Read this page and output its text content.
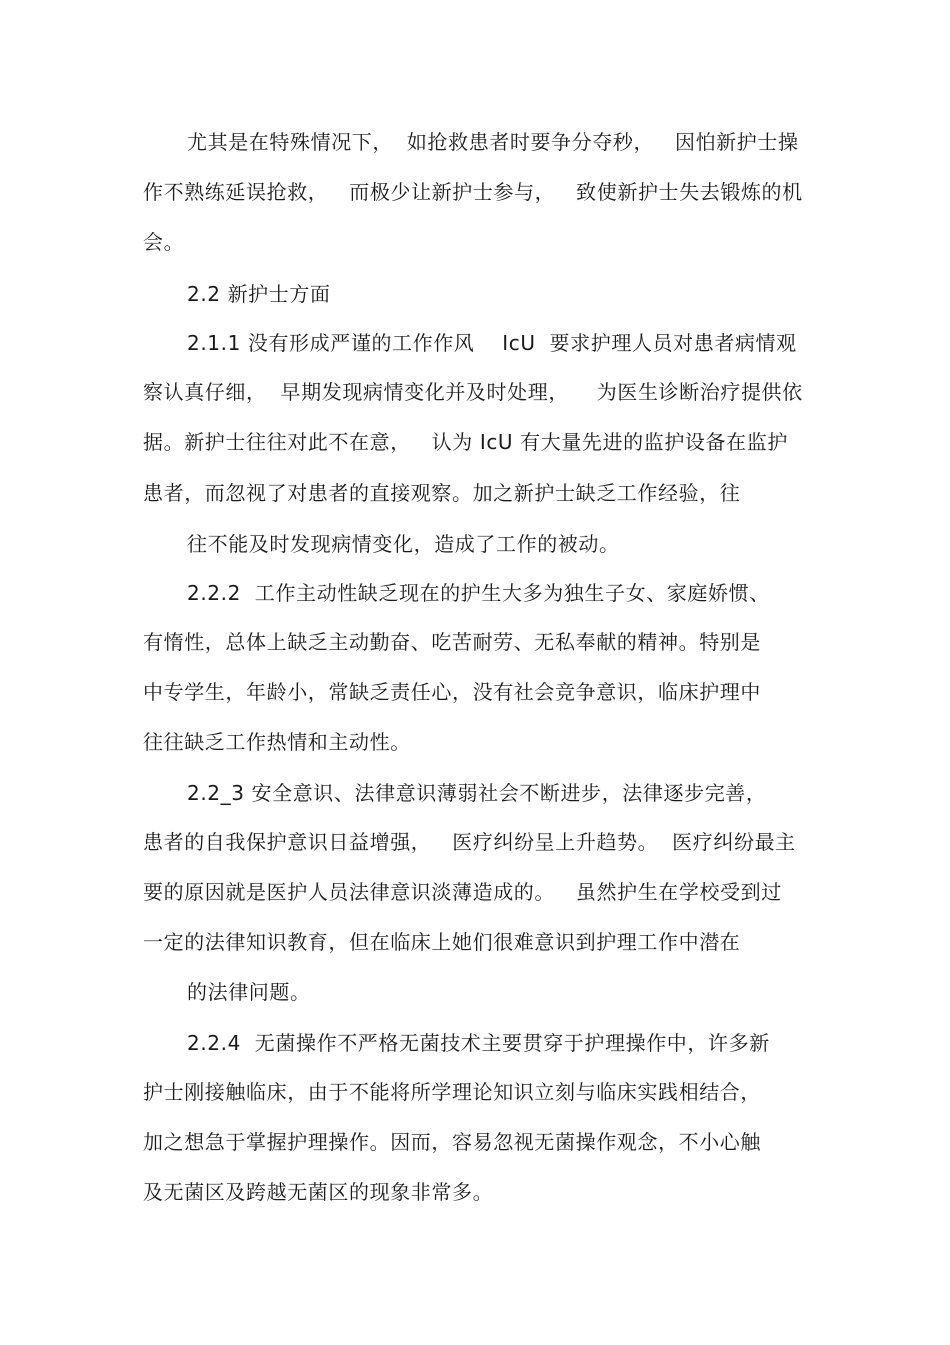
尤其是在特殊情况下，  如抢救患者时要争分夺秒，   因怕新护士操
作不熟练延误抢救，   而极少让新护士参与，   致使新护士失去锻炼的机
会。
2.2 新护士方面
2.1.1 没有形成严谨的工作作风    IcU  要求护理人员对患者病情观
察认真仔细，  早期发现病情变化并及时处理，    为医生诊断治疗提供依
据。新护士往往对此不在意，   认为 IcU 有大量先进的监护设备在监护
患者，而忽视了对患者的直接观察。加之新护士缺乏工作经验，往
往不能及时发现病情变化，造成了工作的被动。
2.2.2  工作主动性缺乏现在的护生大多为独生子女、家庭娇惯、
有惰性，总体上缺乏主动勤奋、吃苦耐劳、无私奉献的精神。特别是
中专学生，年龄小，常缺乏责任心，没有社会竞争意识，临床护理中
往往缺乏工作热情和主动性。
2.2_3 安全意识、法律意识薄弱社会不断进步，法律逐步完善，
患者的自我保护意识日益增强，   医疗纠纷呈上升趋势。  医疗纠纷最主
要的原因就是医护人员法律意识淡薄造成的。   虽然护生在学校受到过
一定的法律知识教育，但在临床上她们很难意识到护理工作中潜在
的法律问题。
2.2.4  无菌操作不严格无菌技术主要贯穿于护理操作中，许多新
护士刚接触临床，由于不能将所学理论知识立刻与临床实践相结合，
加之想急于掌握护理操作。因而，容易忽视无菌操作观念，不小心触
及无菌区及跨越无菌区的现象非常多。
